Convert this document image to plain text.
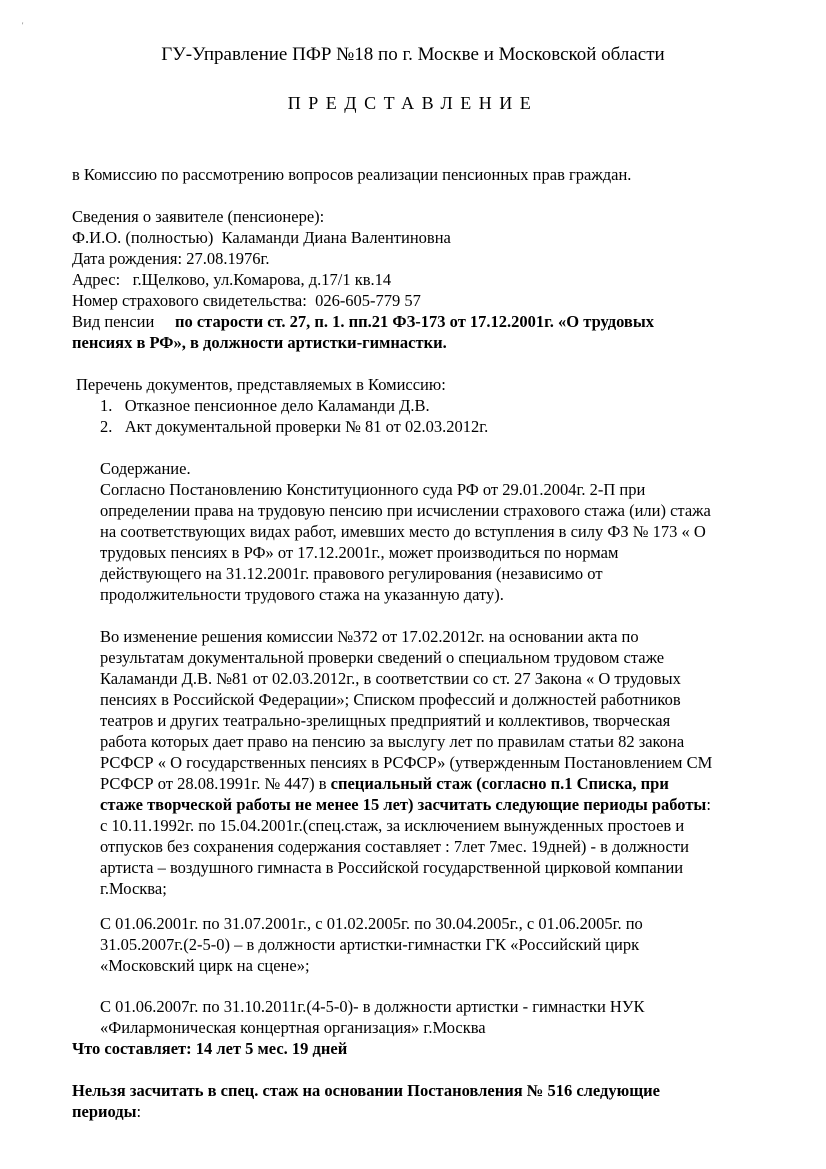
'
ГУ-Управление ПФР №18 по г. Москве и Московской области
ПРЕДСТАВЛЕНИЕ
в Комиссию по рассмотрению вопросов реализации пенсионных прав граждан.
Сведения о заявителе (пенсионере):
Ф.И.О. (полностью) Каламанди Диана Валентиновна
Дата рождения: 27.08.1976г.
Адрес: г.Щелково, ул.Комарова, д.17/1 кв.14
Номер страхового свидетельства: 026-605-779 57
Вид пенсии по старости ст. 27, п. 1. пп.21 ФЗ-173 от 17.12.2001г. «О трудовых
пенсиях в РФ», в должности артистки-гимнастки.
Перечень документов, представляемых в Комиссию:
1. Отказное пенсионное дело Каламанди Д.В.
2. Акт документальной проверки № 81 от 02.03.2012г.
Содержание.
Согласно Постановлению Конституционного суда РФ от 29.01.2004г. 2-П при
определении права на трудовую пенсию при исчислении страхового стажа (или) стажа
на соответствующих видах работ, имевших место до вступления в силу ФЗ № 173 « О
трудовых пенсиях в РФ» от 17.12.2001г., может производиться по нормам
действующего на 31.12.2001г. правового регулирования (независимо от
продолжительности трудового стажа на указанную дату).
Во изменение решения комиссии №372 от 17.02.2012г. на основании акта по
результатам документальной проверки сведений о специальном трудовом стаже
Каламанди Д.В. №81 от 02.03.2012г., в соответствии со ст. 27 Закона « О трудовых
пенсиях в Российской Федерации»; Списком профессий и должностей работников
театров и других театрально-зрелищных предприятий и коллективов, творческая
работа которых дает право на пенсию за выслугу лет по правилам статьи 82 закона
РСФСР « О государственных пенсиях в РСФСР» (утвержденным Постановлением СМ
РСФСР от 28.08.1991г. № 447) в специальный стаж (согласно п.1 Списка, при
стаже творческой работы не менее 15 лет) засчитать следующие периоды работы:
с 10.11.1992г. по 15.04.2001г.(спец.стаж, за исключением вынужденных простоев и
отпусков без сохранения содержания составляет : 7лет 7мес. 19дней) - в должности
артиста – воздушного гимнаста в Российской государственной цирковой компании
г.Москва;
С 01.06.2001г. по 31.07.2001г., с 01.02.2005г. по 30.04.2005г., с 01.06.2005г. по
31.05.2007г.(2-5-0) – в должности артистки-гимнастки ГК «Российский цирк
«Московский цирк на сцене»;
С 01.06.2007г. по 31.10.2011г.(4-5-0)- в должности артистки - гимнастки НУК
«Филармоническая концертная организация» г.Москва
Что составляет: 14 лет 5 мес. 19 дней
Нельзя засчитать в спец. стаж на основании Постановления № 516 следующие
периоды:
